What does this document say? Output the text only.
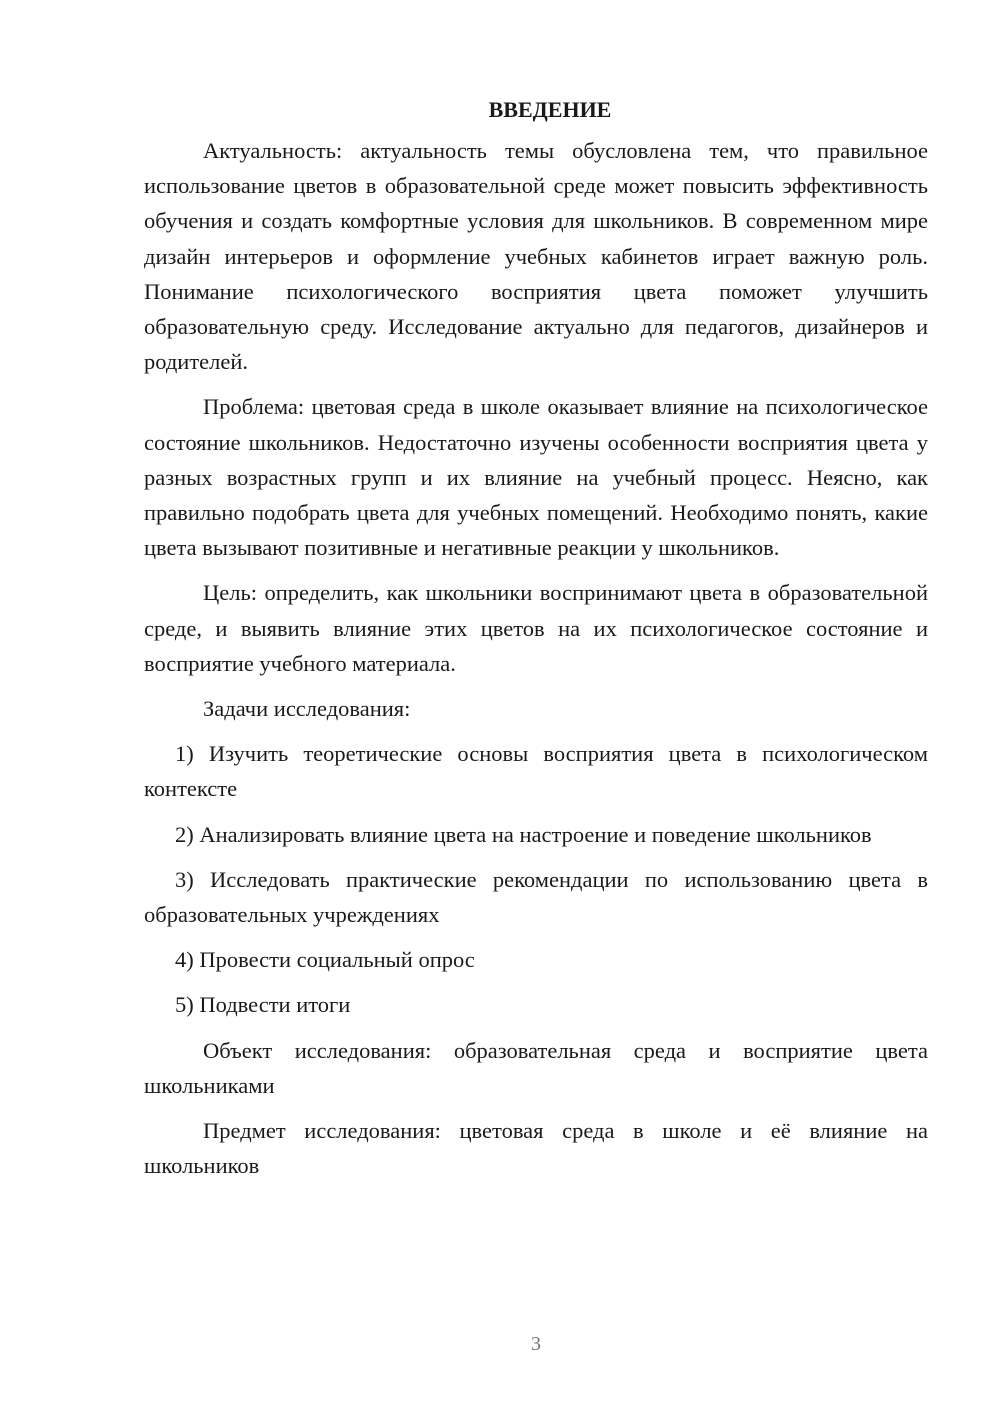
ВВЕДЕНИЕ

Актуальность: актуальность темы обусловлена тем, что правильное использование цветов в образовательной среде может повысить эффективность обучения и создать комфортные условия для школьников. В современном мире дизайн интерьеров и оформление учебных кабинетов играет важную роль. Понимание психологического восприятия цвета поможет улучшить образовательную среду. Исследование актуально для педагогов, дизайнеров и родителей.

Проблема: цветовая среда в школе оказывает влияние на психологическое состояние школьников. Недостаточно изучены особенности восприятия цвета у разных возрастных групп и их влияние на учебный процесс. Неясно, как правильно подобрать цвета для учебных помещений. Необходимо понять, какие цвета вызывают позитивные и негативные реакции у школьников.

Цель: определить, как школьники воспринимают цвета в образовательной среде, и выявить влияние этих цветов на их психологическое состояние и восприятие учебного материала.

Задачи исследования:

1) Изучить теоретические основы восприятия цвета в психологическом контексте

2) Анализировать влияние цвета на настроение и поведение школьников

3) Исследовать практические рекомендации по использованию цвета в образовательных учреждениях

4) Провести социальный опрос

5) Подвести итоги

Объект исследования: образовательная среда и восприятие цвета школьниками

Предмет исследования: цветовая среда в школе и её влияние на школьников

3
